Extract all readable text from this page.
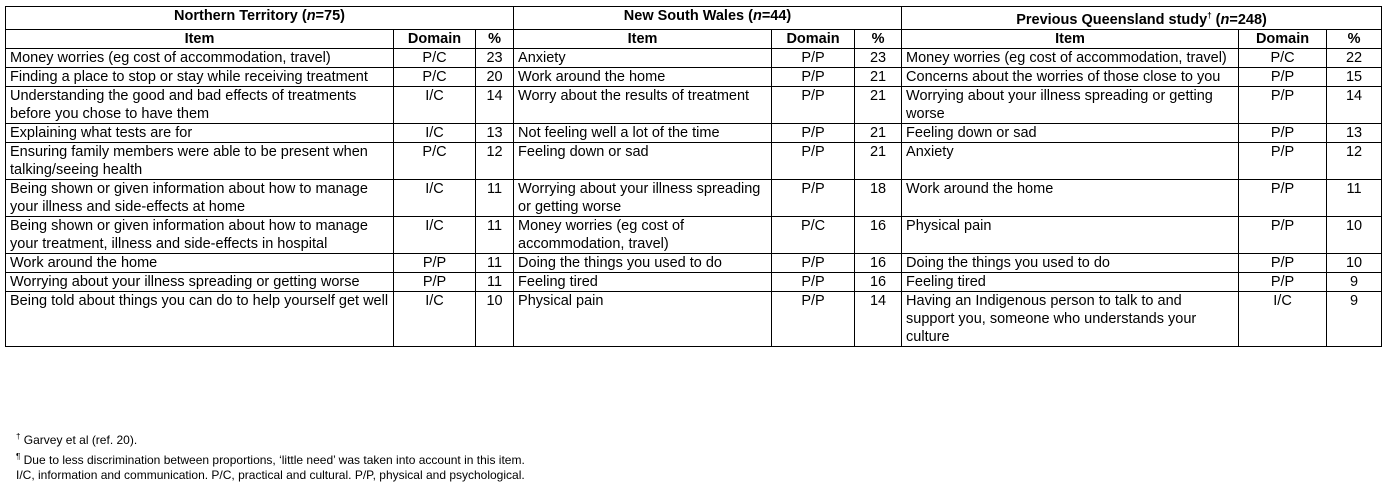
Northern Territory (n=75)			New South Wales (n=44)			Previous Queensland study† (n=248)		
Item	Domain	%	Item	Domain	%	Item	Domain	%
Money worries (eg cost of accommodation, travel)	P/C	23	Anxiety	P/P	23	Money worries (eg cost of accommodation, travel)	P/C	22
Finding a place to stop or stay while receiving treatment	P/C	20	Work around the home	P/P	21	Concerns about the worries of those close to you	P/P	15
Understanding the good and bad effects of treatments before you chose to have them	I/C	14	Worry about the results of treatment	P/P	21	Worrying about your illness spreading or getting worse	P/P	14
Explaining what tests are for	I/C	13	Not feeling well a lot of the time	P/P	21	Feeling down or sad	P/P	13
Ensuring family members were able to be present when talking/seeing health	P/C	12	Feeling down or sad	P/P	21	Anxiety	P/P	12
Being shown or given information about how to manage your illness and side-effects at home	I/C	11	Worrying about your illness spreading or getting worse	P/P	18	Work around the home	P/P	11
Being shown or given information about how to manage your treatment, illness and side-effects in hospital	I/C	11	Money worries (eg cost of accommodation, travel)	P/C	16	Physical pain	P/P	10
Work around the home	P/P	11	Doing the things you used to do	P/P	16	Doing the things you used to do	P/P	10
Worrying about your illness spreading or getting worse	P/P	11	Feeling tired	P/P	16	Feeling tired	P/P	9
Being told about things you can do to help yourself get well	I/C	10	Physical pain	P/P	14	Having an Indigenous person to talk to and support you, someone who understands your culture	I/C	9
† Garvey et al (ref. 20).
¶ Due to less discrimination between proportions, ‘little need’ was taken into account in this item.
I/C, information and communication. P/C, practical and cultural. P/P, physical and psychological.
